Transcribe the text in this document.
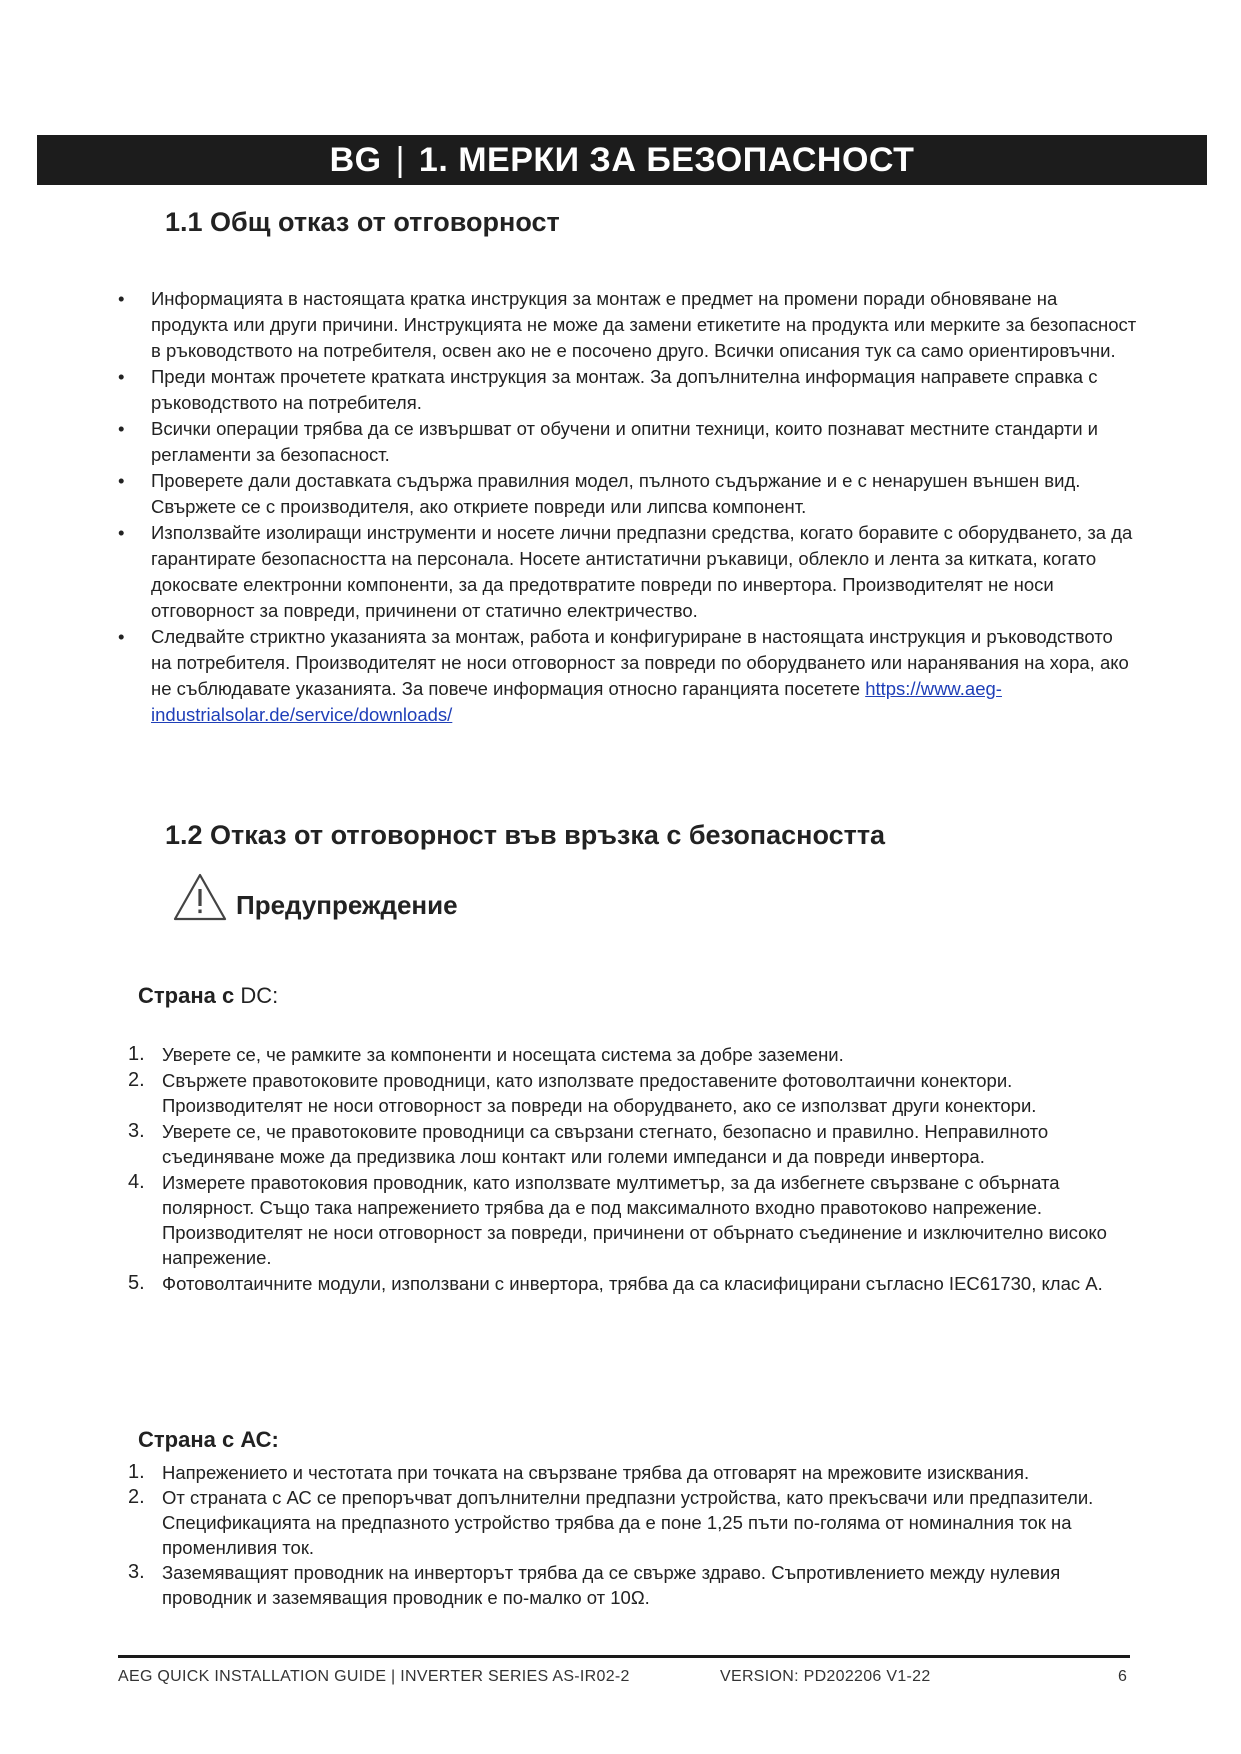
BG | 1. МЕРКИ ЗА БЕЗОПАСНОСТ
1.1 Общ отказ от отговорност
• Информацията в настоящата кратка инструкция за монтаж е предмет на промени поради обновяване на продукта или други причини. Инструкцията не може да замени етикетите на продукта или мерките за безопасност в ръководството на потребителя, освен ако не е посочено друго. Всички описания тук са само ориентировъчни.
• Преди монтаж прочетете кратката инструкция за монтаж. За допълнителна информация направете справка с ръководството на потребителя.
• Всички операции трябва да се извършват от обучени и опитни техници, които познават местните стандарти и регламенти за безопасност.
• Проверете дали доставката съдържа правилния модел, пълното съдържание и е с ненарушен външен вид. Свържете се с производителя, ако откриете повреди или липсва компонент.
• Използвайте изолиращи инструменти и носете лични предпазни средства, когато боравите с оборудването, за да гарантирате безопасността на персонала. Носете антистатични ръкавици, облекло и лента за китката, когато докосвате електронни компоненти, за да предотвратите повреди по инвертора. Производителят не носи отговорност за повреди, причинени от статично електричество.
• Следвайте стриктно указанията за монтаж, работа и конфигуриране в настоящата инструкция и ръководството на потребителя. Производителят не носи отговорност за повреди по оборудването или наранявания на хора, ако не съблюдавате указанията. За повече информация относно гаранцията посетете https://www.aeg-industrialsolar.de/service/downloads/
1.2 Отказ от отговорност във връзка с безопасността
Предупреждение
Страна с DC:
1. Уверете се, че рамките за компоненти и носещата система за добре заземени.
2. Свържете правотоковите проводници, като използвате предоставените фотоволтаични конектори. Производителят не носи отговорност за повреди на оборудването, ако се използват други конектори.
3. Уверете се, че правотоковите проводници са свързани стегнато, безопасно и правилно. Неправилното съединяване може да предизвика лош контакт или големи импеданси и да повреди инвертора.
4. Измерете правотоковия проводник, като използвате мултиметър, за да избегнете свързване с обърната полярност. Също така напрежението трябва да е под максималното входно правотоково напрежение. Производителят не носи отговорност за повреди, причинени от обърнато съединение и изключително високо напрежение.
5. Фотоволтаичните модули, използвани с инвертора, трябва да са класифицирани съгласно IEC61730, клас А.
Страна с АС:
1. Напрежението и честотата при точката на свързване трябва да отговарят на мрежовите изисквания.
2. От страната с АС се препоръчват допълнителни предпазни устройства, като прекъсвачи или предпазители. Спецификацията на предпазното устройство трябва да е поне 1,25 пъти по-голяма от номиналния ток на променливия ток.
3. Заземяващият проводник на инверторът трябва да се свърже здраво. Съпротивлението между нулевия проводник и заземяващия проводник е по-малко от 10Ω.
AEG QUICK INSTALLATION GUIDE | INVERTER SERIES AS-IR02-2	VERSION: PD202206 V1-22	6
